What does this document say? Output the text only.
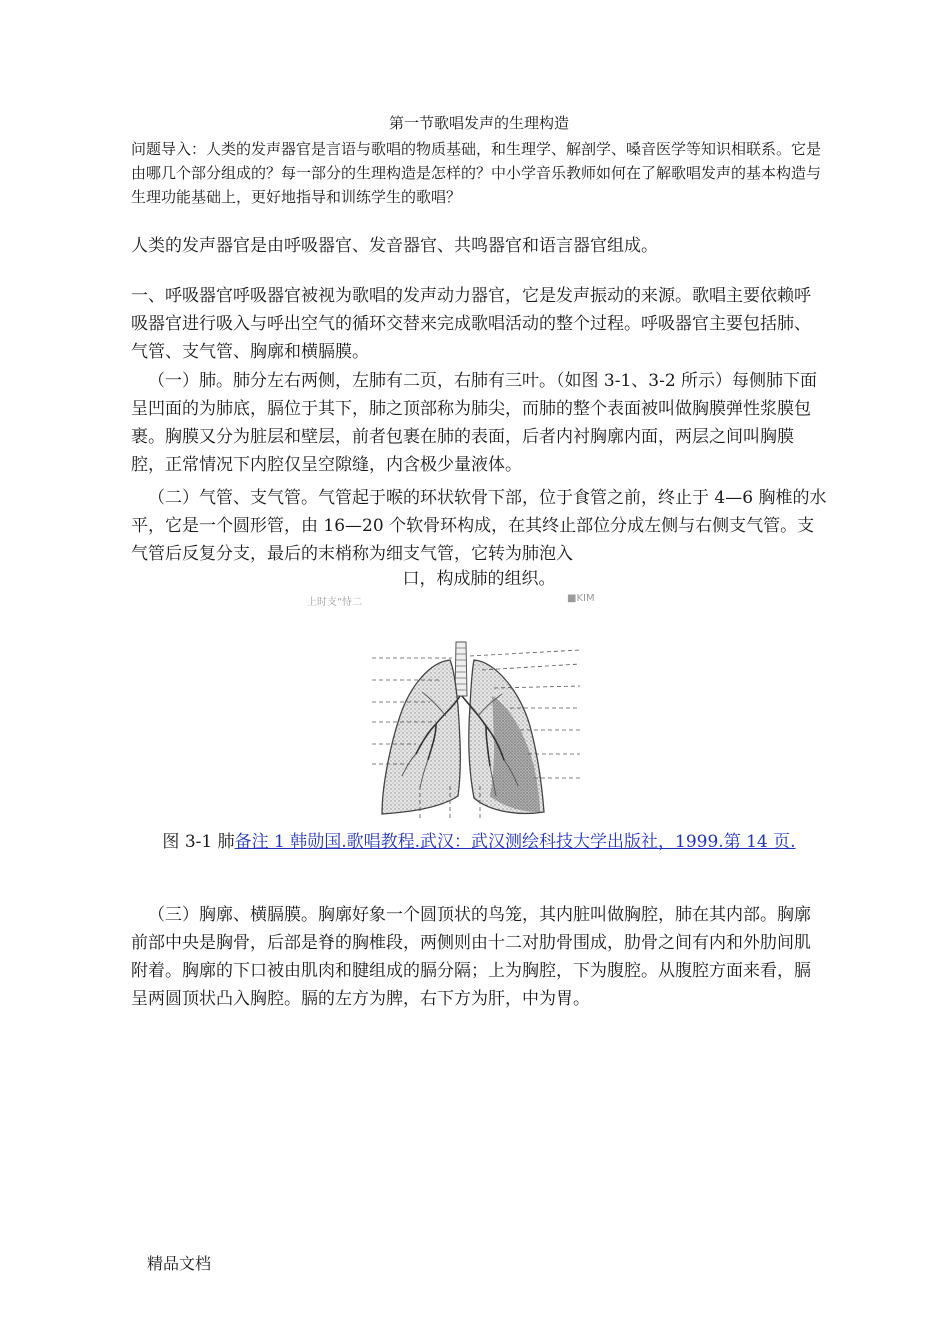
第一节歌唱发声的生理构造
问题导入：人类的发声器官是言语与歌唱的物质基础，和生理学、解剖学、嗓音医学等知识相联系。它是由哪几个部分组成的？每一部分的生理构造是怎样的？中小学音乐教师如何在了解歌唱发声的基本构造与生理功能基础上，更好地指导和训练学生的歌唱？

人类的发声器官是由呼吸器官、发音器官、共鸣器官和语言器官组成。

一、呼吸器官呼吸器官被视为歌唱的发声动力器官，它是发声振动的来源。歌唱主要依赖呼吸器官进行吸入与呼出空气的循环交替来完成歌唱活动的整个过程。呼吸器官主要包括肺、气管、支气管、胸廓和横膈膜。

（一）肺。肺分左右两侧，左肺有二页，右肺有三叶。（如图 3-1、3-2 所示）每侧肺下面呈凹面的为肺底，膈位于其下，肺之顶部称为肺尖，而肺的整个表面被叫做胸膜弹性浆膜包裹。胸膜又分为脏层和壁层，前者包裹在肺的表面，后者内衬胸廓内面，两层之间叫胸膜腔，正常情况下内腔仅呈空隙缝，内含极少量液体。

（二）气管、支气管。气管起于喉的环状软骨下部，位于食管之前，终止于 4—6 胸椎的水平，它是一个圆形管，由 16—20 个软骨环构成，在其终止部位分成左侧与右侧支气管。支气管后反复分支，最后的末梢称为细支气管，它转为肺泡入

口，构成肺的组织。
上时支“恃二	■KIM
图 3-1 肺备注 1 韩勋国.歌唱教程.武汉：武汉测绘科技大学出版社，1999.第 14 页.

（三）胸廓、横膈膜。胸廓好象一个圆顶状的鸟笼，其内脏叫做胸腔，肺在其内部。胸廓前部中央是胸骨，后部是脊的胸椎段，两侧则由十二对肋骨围成，肋骨之间有内和外肋间肌附着。胸廓的下口被由肌肉和腱组成的膈分隔；上为胸腔，下为腹腔。从腹腔方面来看，膈呈两圆顶状凸入胸腔。膈的左方为脾，右下方为肝，中为胃。

精品文档
